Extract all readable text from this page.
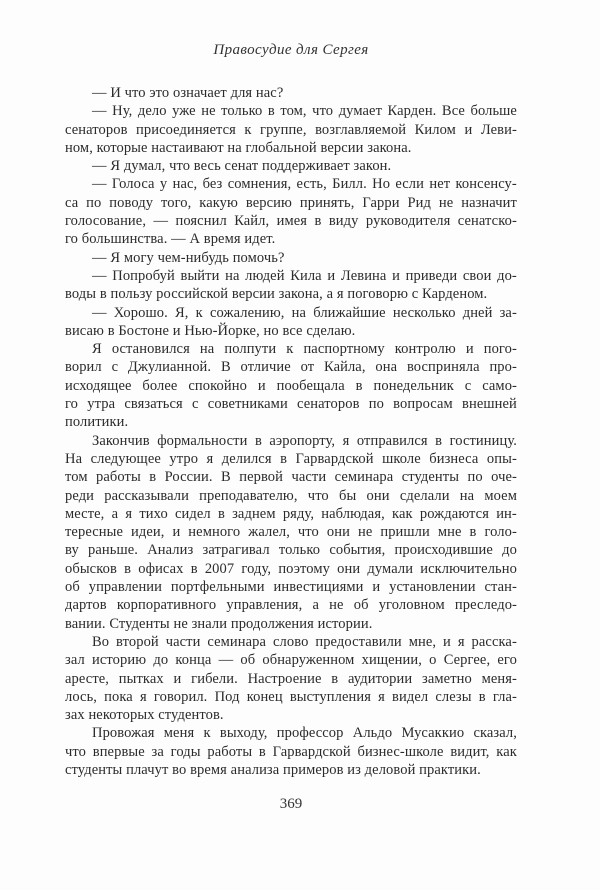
Правосудие для Сергея
— И что это означает для нас?
— Ну, дело уже не только в том, что думает Карден. Все больше
сенаторов присоединяется к группе, возглавляемой Килом и Леви-
ном, которые настаивают на глобальной версии закона.
— Я думал, что весь сенат поддерживает закон.
— Голоса у нас, без сомнения, есть, Билл. Но если нет консенсу-
са по поводу того, какую версию принять, Гарри Рид не назначит
голосование, — пояснил Кайл, имея в виду руководителя сенатско-
го большинства. — А время идет.
— Я могу чем-нибудь помочь?
— Попробуй выйти на людей Кила и Левина и приведи свои до-
воды в пользу российской версии закона, а я поговорю с Карденом.
— Хорошо. Я, к сожалению, на ближайшие несколько дней за-
висаю в Бостоне и Нью-Йорке, но все сделаю.
Я остановился на полпути к паспортному контролю и пого-
ворил с Джулианной. В отличие от Кайла, она восприняла про-
исходящее более спокойно и пообещала в понедельник с само-
го утра связаться с советниками сенаторов по вопросам внешней
политики.
Закончив формальности в аэропорту, я отправился в гостиницу.
На следующее утро я делился в Гарвардской школе бизнеса опы-
том работы в России. В первой части семинара студенты по оче-
реди рассказывали преподавателю, что бы они сделали на моем
месте, а я тихо сидел в заднем ряду, наблюдая, как рождаются ин-
тересные идеи, и немного жалел, что они не пришли мне в голо-
ву раньше. Анализ затрагивал только события, происходившие до
обысков в офисах в 2007 году, поэтому они думали исключительно
об управлении портфельными инвестициями и установлении стан-
дартов корпоративного управления, а не об уголовном преследо-
вании. Студенты не знали продолжения истории.
Во второй части семинара слово предоставили мне, и я расска-
зал историю до конца — об обнаруженном хищении, о Сергее, его
аресте, пытках и гибели. Настроение в аудитории заметно меня-
лось, пока я говорил. Под конец выступления я видел слезы в гла-
зах некоторых студентов.
Провожая меня к выходу, профессор Альдо Мусаккио сказал,
что впервые за годы работы в Гарвардской бизнес-школе видит, как
студенты плачут во время анализа примеров из деловой практики.
369
